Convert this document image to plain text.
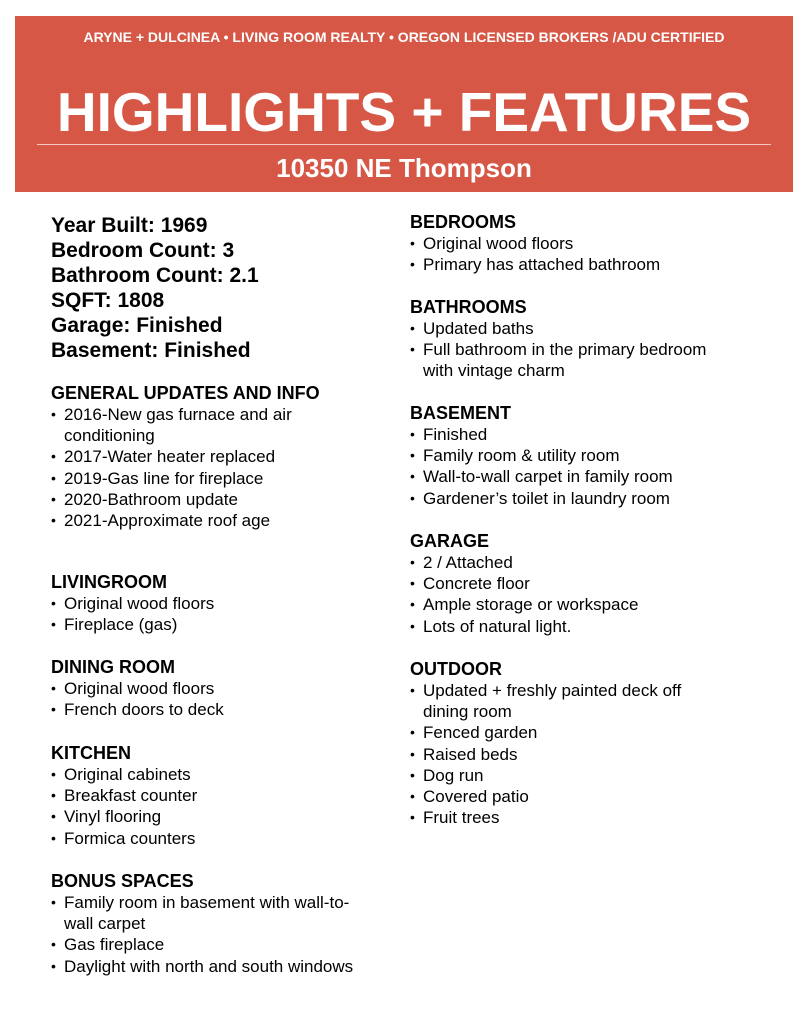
ARYNE + DULCINEA • LIVING ROOM REALTY • OREGON LICENSED BROKERS /ADU CERTIFIED
HIGHLIGHTS + FEATURES
10350 NE Thompson
Year Built: 1969
Bedroom Count: 3
Bathroom Count: 2.1
SQFT: 1808
Garage: Finished
Basement: Finished
GENERAL UPDATES AND INFO
• 2016-New gas furnace and air conditioning
• 2017-Water heater replaced
• 2019-Gas line for fireplace
• 2020-Bathroom update
• 2021-Approximate roof age
LIVINGROOM
• Original wood floors
• Fireplace (gas)
DINING ROOM
• Original wood floors
• French doors to deck
KITCHEN
• Original cabinets
• Breakfast counter
• Vinyl flooring
• Formica counters
BONUS SPACES
• Family room in basement with wall-to-wall carpet
• Gas fireplace
• Daylight with north and south windows
BEDROOMS
• Original wood floors
• Primary has attached bathroom
BATHROOMS
• Updated baths
• Full bathroom in the primary bedroom with vintage charm
BASEMENT
• Finished
• Family room & utility room
• Wall-to-wall carpet in family room
• Gardener’s toilet in laundry room
GARAGE
• 2 / Attached
• Concrete floor
• Ample storage or workspace
• Lots of natural light.
OUTDOOR
• Updated + freshly painted deck off dining room
• Fenced garden
• Raised beds
• Dog run
• Covered patio
• Fruit trees
